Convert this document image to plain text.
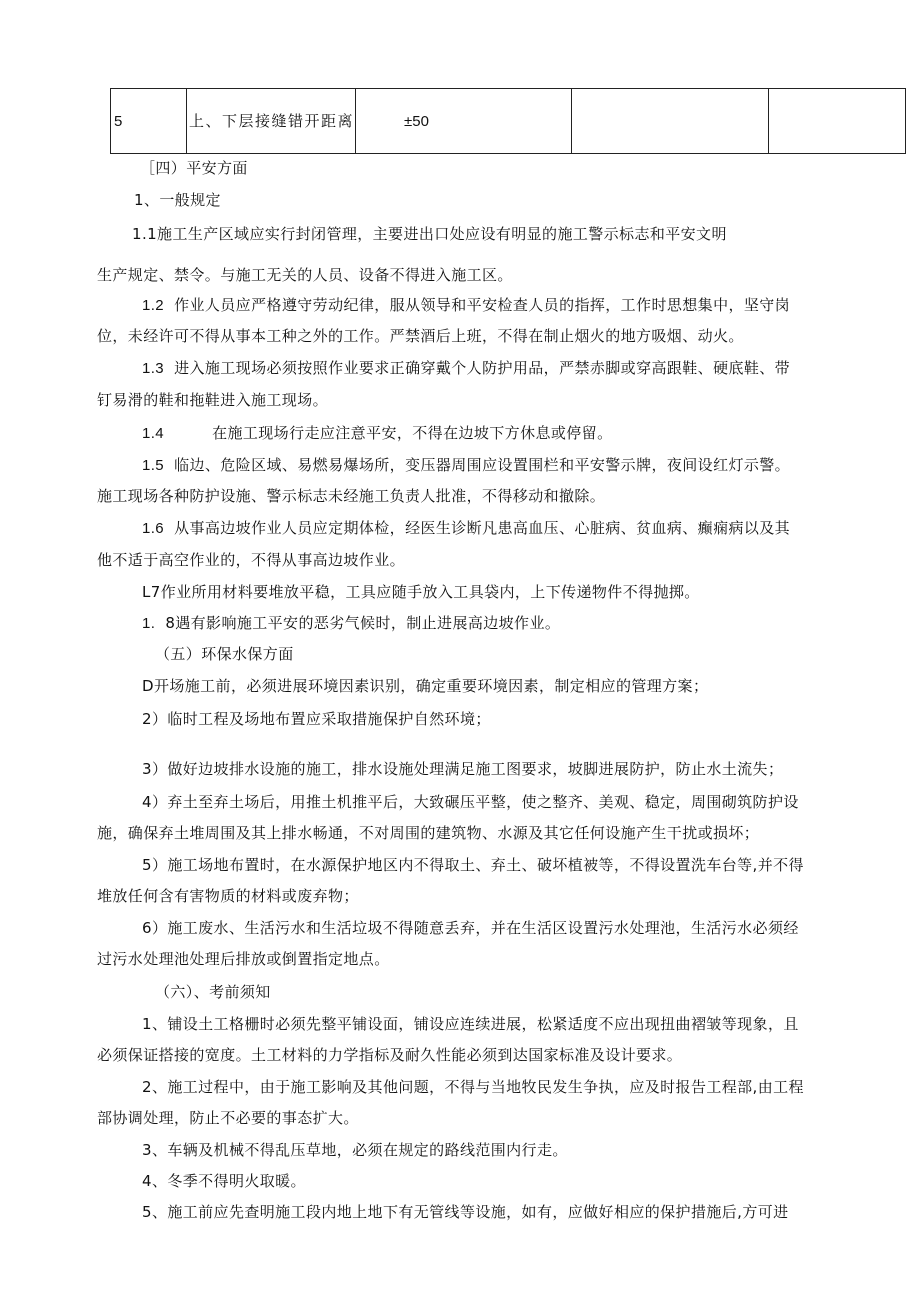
5	上、下层接缝错开距离	±50		
［四）平安方面
1、一般规定
1.1施工生产区域应实行封闭管理，主要进出口处应设有明显的施工警示标志和平安文明
生产规定、禁令。与施工无关的人员、设备不得进入施工区。
1.2 作业人员应严格遵守劳动纪律，服从领导和平安检查人员的指挥，工作时思想集中，坚守岗
位，未经许可不得从事本工种之外的工作。严禁酒后上班，不得在制止烟火的地方吸烟、动火。
1.3 进入施工现场必须按照作业要求正确穿戴个人防护用品，严禁赤脚或穿高跟鞋、硬底鞋、带
钉易滑的鞋和拖鞋进入施工现场。
1.4	在施工现场行走应注意平安，不得在边坡下方休息或停留。
1.5 临边、危险区域、易燃易爆场所，变压器周围应设置围栏和平安警示牌，夜间设红灯示警。
施工现场各种防护设施、警示标志未经施工负责人批准，不得移动和撤除。
1.6 从事高边坡作业人员应定期体检，经医生诊断凡患高血压、心脏病、贫血病、癫痫病以及其
他不适于高空作业的，不得从事高边坡作业。
L7作业所用材料要堆放平稳，工具应随手放入工具袋内，上下传递物件不得抛掷。
1. 8遇有影响施工平安的恶劣气候时，制止进展高边坡作业。
（五）环保水保方面
D开场施工前，必须进展环境因素识别，确定重要环境因素，制定相应的管理方案；
2）临时工程及场地布置应采取措施保护自然环境；
3）做好边坡排水设施的施工，排水设施处理满足施工图要求，坡脚进展防护，防止水土流失；
4）弃土至弃土场后，用推土机推平后，大致碾压平整，使之整齐、美观、稳定，周围砌筑防护设
施，确保弃土堆周围及其上排水畅通，不对周围的建筑物、水源及其它任何设施产生干扰或损坏；
5）施工场地布置时，在水源保护地区内不得取土、弃土、破坏植被等，不得设置洗车台等,并不得
堆放任何含有害物质的材料或废弃物；
6）施工废水、生活污水和生活垃圾不得随意丢弃，并在生活区设置污水处理池，生活污水必须经
过污水处理池处理后排放或倒置指定地点。
（六）、考前须知
1、铺设土工格栅时必须先整平铺设面，铺设应连续进展，松紧适度不应出现扭曲褶皱等现象，且
必须保证搭接的宽度。土工材料的力学指标及耐久性能必须到达国家标准及设计要求。
2、施工过程中，由于施工影响及其他问题，不得与当地牧民发生争执，应及时报告工程部,由工程
部协调处理，防止不必要的事态扩大。
3、车辆及机械不得乱压草地，必须在规定的路线范围内行走。
4、冬季不得明火取暖。
5、施工前应先查明施工段内地上地下有无管线等设施，如有，应做好相应的保护措施后,方可进
